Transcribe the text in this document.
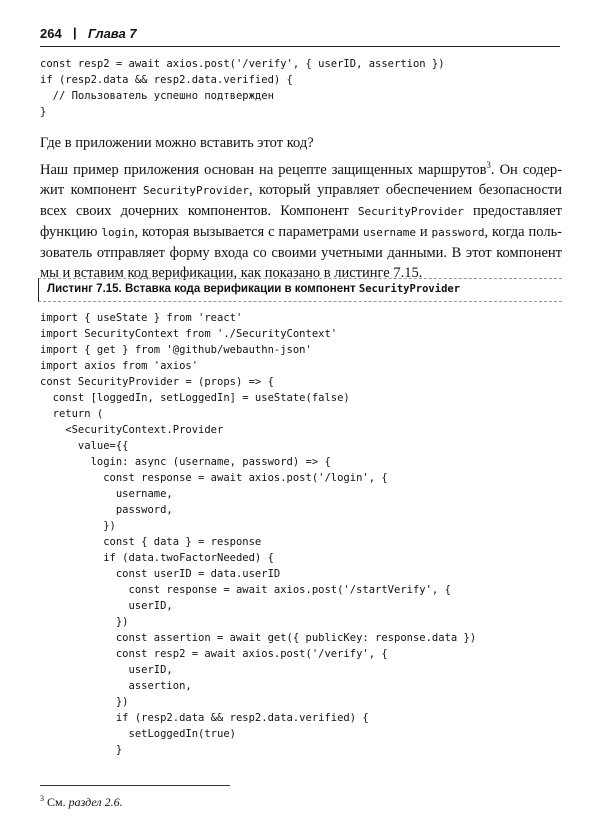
264 | Глава 7
const resp2 = await axios.post('/verify', { userID, assertion })
if (resp2.data && resp2.data.verified) {
// Пользователь успешно подтвержден
}
Где в приложении можно вставить этот код?
Наш пример приложения основан на рецепте защищенных маршрутов$^3$. Он содер-
жит компонент SecurityProvider, который управляет обеспечением безопасности
всех своих дочерних компонентов. Компонент SecurityProvider предоставляет
функцию login, которая вызывается с параметрами username и password, когда поль-
зователь отправляет форму входа со своими учетными данными. В этот компонент
мы и вставим код верификации, как показано в листинге 7.15.
Листинг 7.15. Вставка кода верификации в компонент SecurityProvider
import { useState } from 'react'
import SecurityContext from './SecurityContext'
import { get } from '@github/webauthn-json'
import axios from 'axios'
const SecurityProvider = (props) => {
const [loggedIn, setLoggedIn] = useState(false)
return (
<SecurityContext.Provider
value={{
login: async (username, password) => {
const response = await axios.post('/login', {
username,
password,
})
const { data } = response
if (data.twoFactorNeeded) {
const userID = data.userID
const response = await axios.post('/startVerify', {
userID,
})
const assertion = await get({ publicKey: response.data })
const resp2 = await axios.post('/verify', {
userID,
assertion,
})
if (resp2.data && resp2.data.verified) {
setLoggedIn(true)
}
$^3$ См. раздел 2.6.
